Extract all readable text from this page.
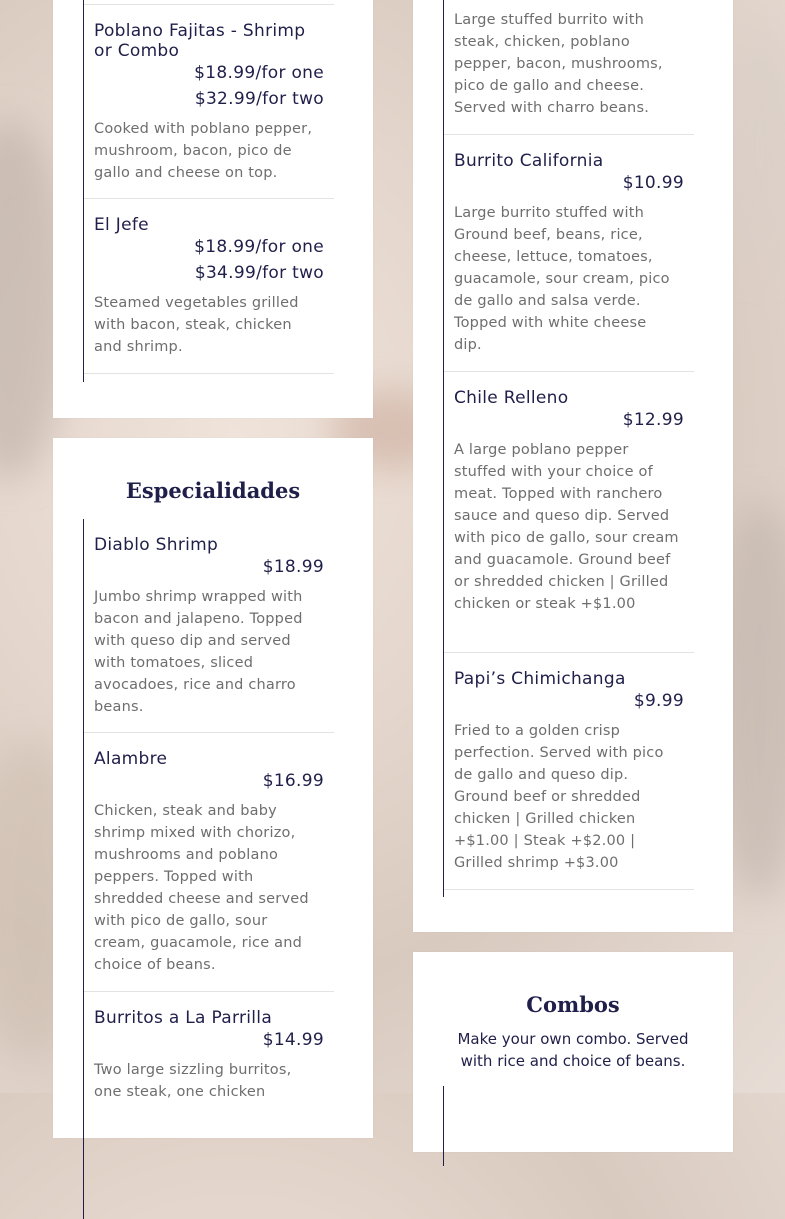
Poblano Fajitas - Shrimp or Combo
$18.99/for one
$32.99/for two
Cooked with poblano pepper, mushroom, bacon, pico de gallo and cheese on top.
El Jefe
$18.99/for one
$34.99/for two
Steamed vegetables grilled with bacon, steak, chicken and shrimp.
Especialidades
Diablo Shrimp
$18.99
Jumbo shrimp wrapped with bacon and jalapeno. Topped with queso dip and served with tomatoes, sliced avocadoes, rice and charro beans.
Alambre
$16.99
Chicken, steak and baby shrimp mixed with chorizo, mushrooms and poblano peppers. Topped with shredded cheese and served with pico de gallo, sour cream, guacamole, rice and choice of beans.
Burritos a La Parrilla
$14.99
Two large sizzling burritos, one steak, one chicken
Large stuffed burrito with steak, chicken, poblano pepper, bacon, mushrooms, pico de gallo and cheese. Served with charro beans.
Burrito California
$10.99
Large burrito stuffed with Ground beef, beans, rice, cheese, lettuce, tomatoes, guacamole, sour cream, pico de gallo and salsa verde. Topped with white cheese dip.
Chile Relleno
$12.99
A large poblano pepper stuffed with your choice of meat. Topped with ranchero sauce and queso dip. Served with pico de gallo, sour cream and guacamole. Ground beef or shredded chicken | Grilled chicken or steak +$1.00
Papi’s Chimichanga
$9.99
Fried to a golden crisp perfection. Served with pico de gallo and queso dip. Ground beef or shredded chicken | Grilled chicken +$1.00 | Steak +$2.00 | Grilled shrimp +$3.00
Combos
Make your own combo. Served with rice and choice of beans.
